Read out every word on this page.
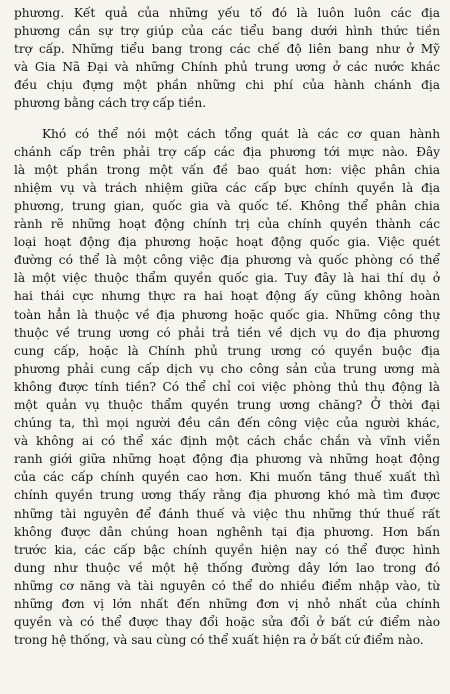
phương. Kết quả của những yếu tố đó là luôn luôn các địa
phương cần sự trợ giúp của các tiểu bang dưới hình thức tiền
trợ cấp. Những tiểu bang trong các chế độ liên bang như ở Mỹ
và Gia Nã Đại và những Chính phủ trung ương ở các nước khác
đều chịu đựng một phần những chi phí của hành chánh địa
phương bằng cách trợ cấp tiền.

Khó có thể nói một cách tổng quát là các cơ quan hành
chánh cấp trên phải trợ cấp các địa phương tới mực nào. Đây
là một phần trong một vấn đề bao quát hơn: việc phân chia
nhiệm vụ và trách nhiệm giữa các cấp bực chính quyền là địa
phương, trung gian, quốc gia và quốc tế. Không thể phân chia
rành rẽ những hoạt động chính trị của chính quyền thành các
loại hoạt động địa phương hoặc hoạt động quốc gia. Việc quét
đường có thể là một công việc địa phương và quốc phòng có thể
là một việc thuộc thẩm quyền quốc gia. Tuy đây là hai thí dụ ở
hai thái cực nhưng thực ra hai hoạt động ấy cũng không hoàn
toàn hẳn là thuộc về địa phương hoặc quốc gia. Những công thự
thuộc về trung ương có phải trả tiền về dịch vụ do địa phương
cung cấp, hoặc là Chính phủ trung ương có quyền buộc địa
phương phải cung cấp dịch vụ cho công sản của trung ương mà
không được tính tiền? Có thể chỉ coi việc phòng thủ thụ động là
một quản vụ thuộc thẩm quyền trung ương chăng? Ở thời đại
chúng ta, thì mọi người đều cần đến công việc của người khác,
và không ai có thể xác định một cách chắc chắn và vĩnh viễn
ranh giới giữa những hoạt động địa phương và những hoạt động
của các cấp chính quyền cao hơn. Khi muốn tăng thuế xuất thì
chính quyền trung ương thấy rằng địa phương khó mà tìm được
những tài nguyên để đánh thuế và việc thu những thứ thuế rất
không được dân chúng hoan nghênh tại địa phương. Hơn bấn
trước kia, các cấp bậc chính quyền hiện nay có thể được hình
dung như thuộc về một hệ thống đường dây lớn lao trong đó
những cơ năng và tài nguyên có thể do nhiều điểm nhập vào, từ
những đơn vị lớn nhất đến những đơn vị nhỏ nhất của chính
quyền và có thể được thay đổi hoặc sửa đổi ở bất cứ điểm nào
trong hệ thống, và sau cùng có thể xuất hiện ra ở bất cứ điểm nào.
